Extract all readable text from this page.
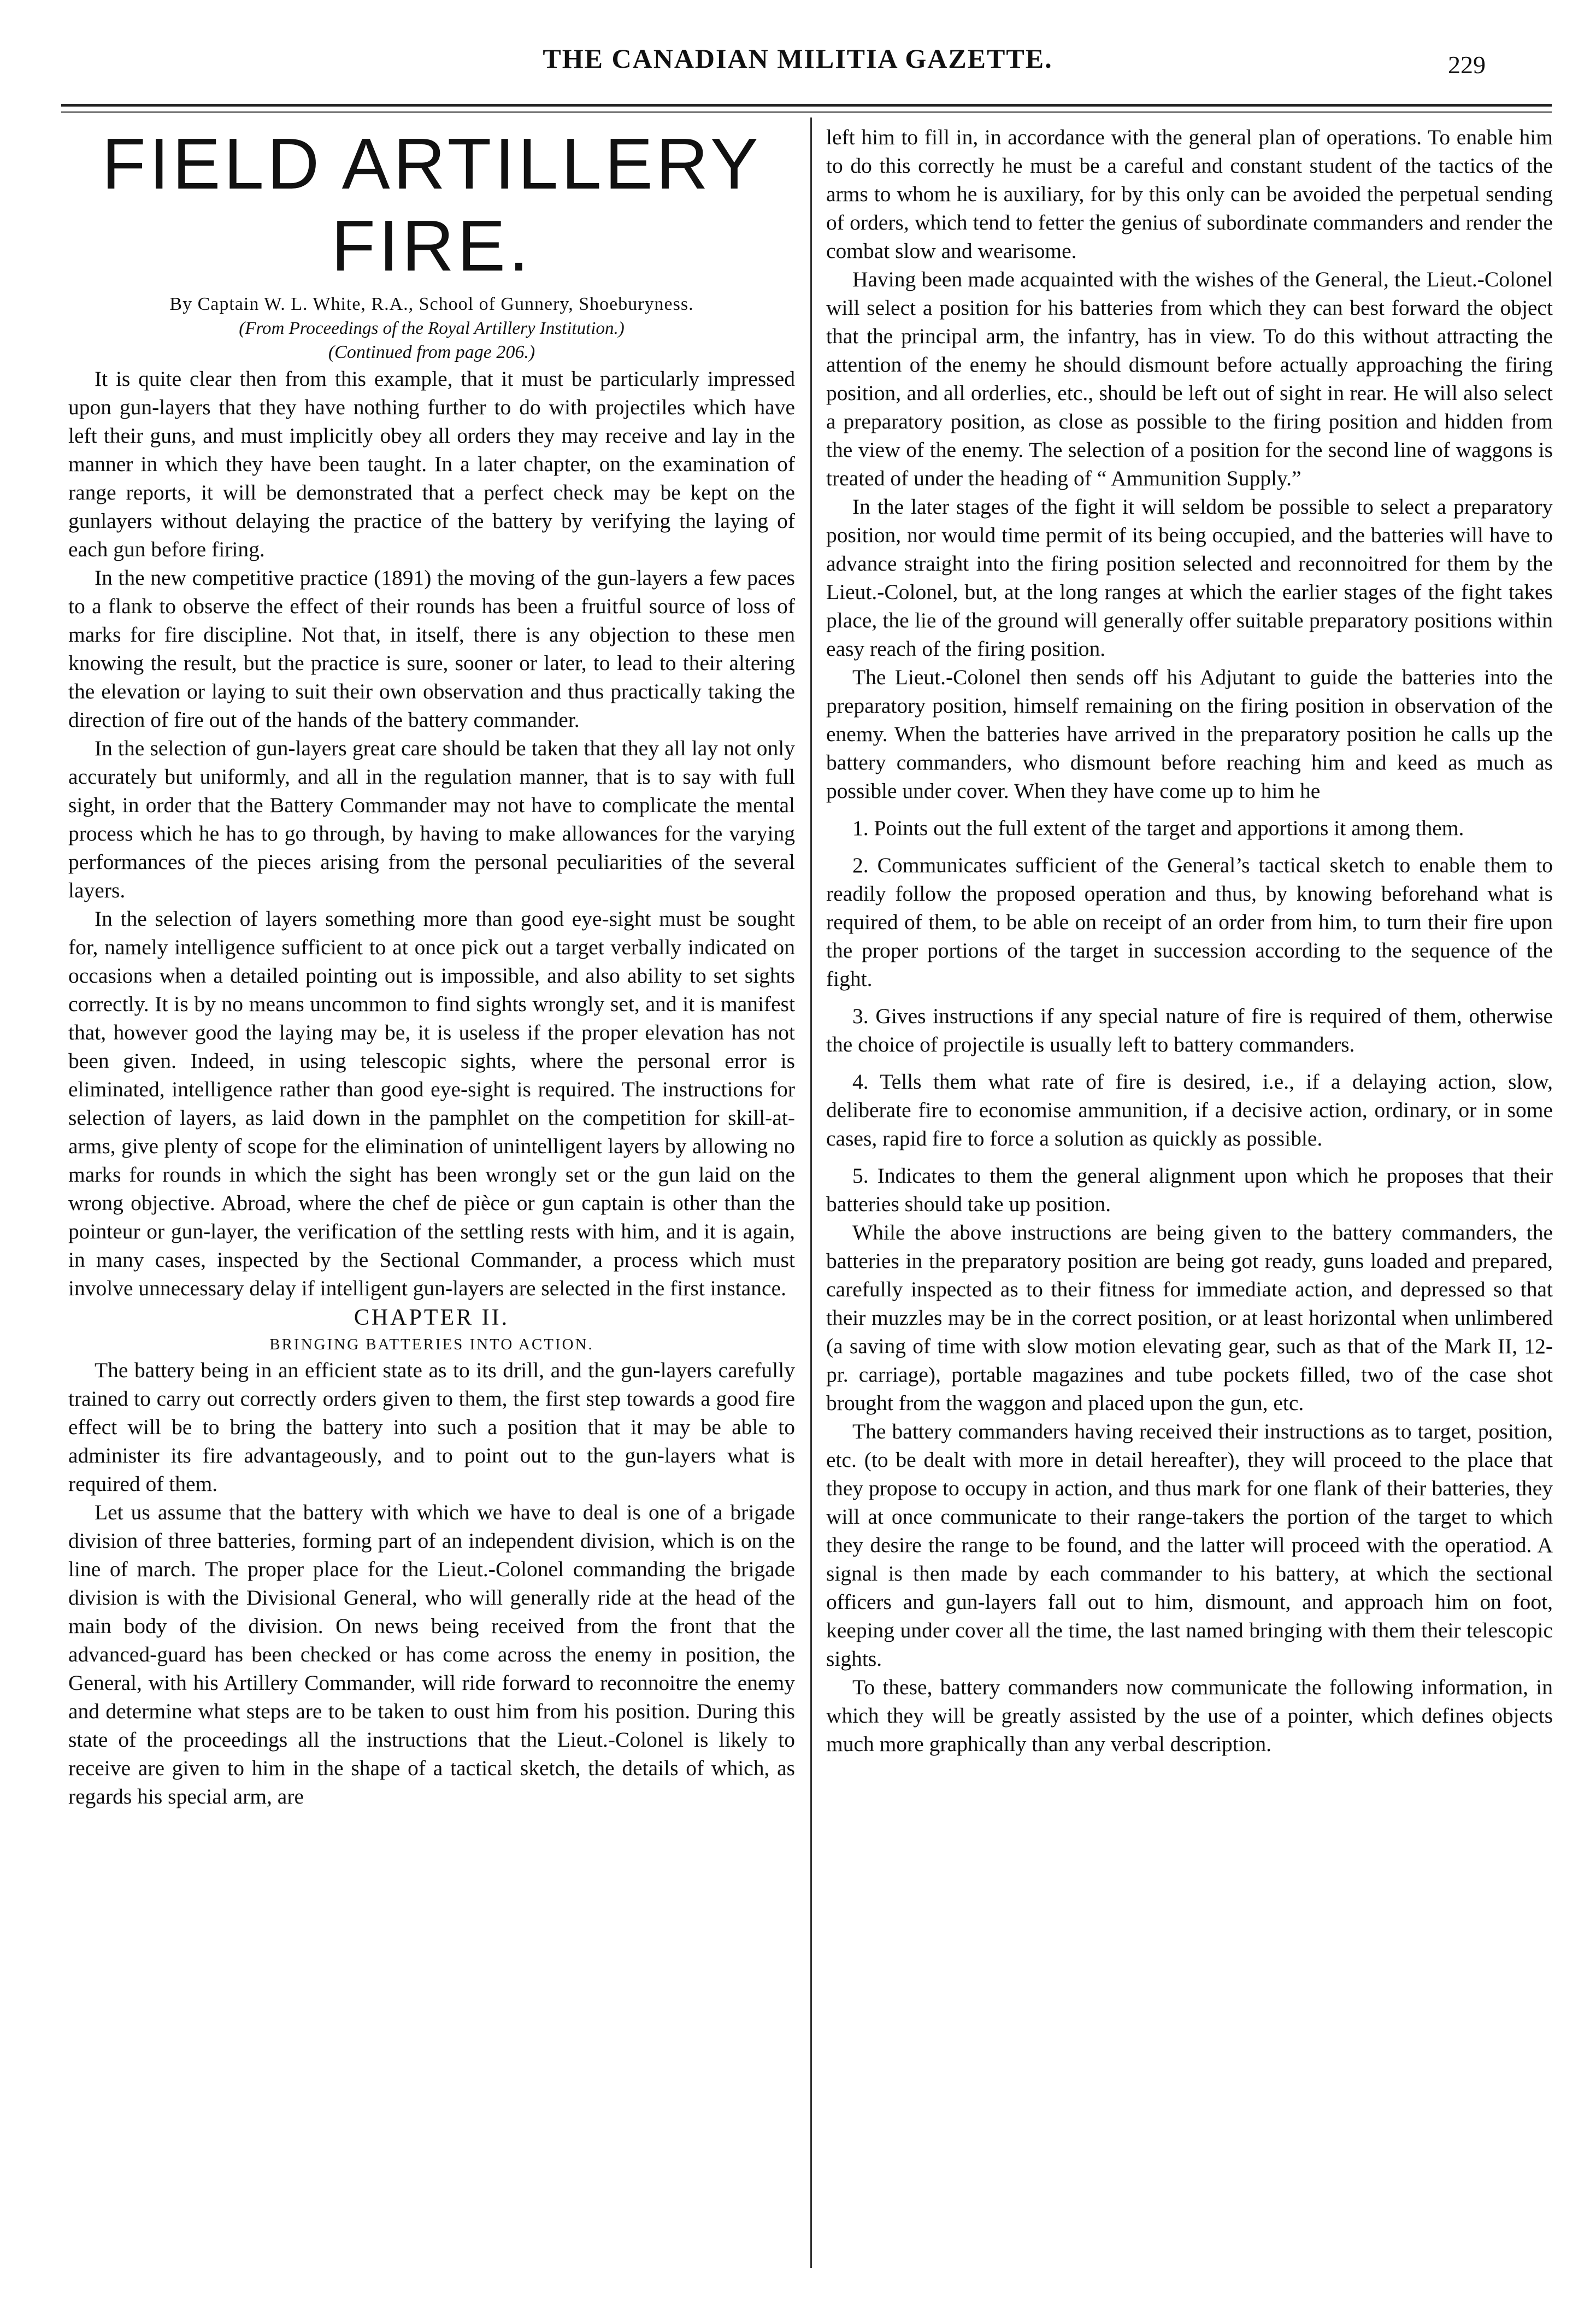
THE CANADIAN MILITIA GAZETTE.	229
FIELD ARTILLERY FIRE.

By Captain W. L. White, R.A., School of Gunnery, Shoeburyness.

(From Proceedings of the Royal Artillery Institution.)

(Continued from page 206.)

It is quite clear then from this example, that it must be particularly impressed upon gun-layers that they have nothing further to do with projectiles which have left their guns, and must implicitly obey all orders they may receive and lay in the manner in which they have been taught. In a later chapter, on the examination of range reports, it will be demonstrated that a perfect check may be kept on the gunlayers without delaying the practice of the battery by verifying the laying of each gun before firing.

In the new competitive practice (1891) the moving of the gun-layers a few paces to a flank to observe the effect of their rounds has been a fruitful source of loss of marks for fire discipline. Not that, in itself, there is any objection to these men knowing the result, but the practice is sure, sooner or later, to lead to their altering the elevation or laying to suit their own observation and thus practically taking the direction of fire out of the hands of the battery commander.

In the selection of gun-layers great care should be taken that they all lay not only accurately but uniformly, and all in the regulation manner, that is to say with full sight, in order that the Battery Commander may not have to complicate the mental process which he has to go through, by having to make allowances for the varying performances of the pieces arising from the personal peculiarities of the several layers.

In the selection of layers something more than good eye-sight must be sought for, namely intelligence sufficient to at once pick out a target verbally indicated on occasions when a detailed pointing out is impossible, and also ability to set sights correctly. It is by no means uncommon to find sights wrongly set, and it is manifest that, however good the laying may be, it is useless if the proper elevation has not been given. Indeed, in using telescopic sights, where the personal error is eliminated, intelligence rather than good eye-sight is required. The instructions for selection of layers, as laid down in the pamphlet on the competition for skill-at-arms, give plenty of scope for the elimination of unintelligent layers by allowing no marks for rounds in which the sight has been wrongly set or the gun laid on the wrong objective. Abroad, where the chef de pièce or gun captain is other than the pointeur or gun-layer, the verification of the settling rests with him, and it is again, in many cases, inspected by the Sectional Commander, a process which must involve unnecessary delay if intelligent gun-layers are selected in the first instance.

CHAPTER II.

BRINGING BATTERIES INTO ACTION.

The battery being in an efficient state as to its drill, and the gun-layers carefully trained to carry out correctly orders given to them, the first step towards a good fire effect will be to bring the battery into such a position that it may be able to administer its fire advantageously, and to point out to the gun-layers what is required of them.

Let us assume that the battery with which we have to deal is one of a brigade division of three batteries, forming part of an independent division, which is on the line of march. The proper place for the Lieut.-Colonel commanding the brigade division is with the Divisional General, who will generally ride at the head of the main body of the division. On news being received from the front that the advanced-guard has been checked or has come across the enemy in position, the General, with his Artillery Commander, will ride forward to reconnoitre the enemy and determine what steps are to be taken to oust him from his position. During this state of the proceedings all the instructions that the Lieut.-Colonel is likely to receive are given to him in the shape of a tactical sketch, the details of which, as regards his special arm, are

left him to fill in, in accordance with the general plan of operations. To enable him to do this correctly he must be a careful and constant student of the tactics of the arms to whom he is auxiliary, for by this only can be avoided the perpetual sending of orders, which tend to fetter the genius of subordinate commanders and render the combat slow and wearisome.

Having been made acquainted with the wishes of the General, the Lieut.-Colonel will select a position for his batteries from which they can best forward the object that the principal arm, the infantry, has in view. To do this without attracting the attention of the enemy he should dismount before actually approaching the firing position, and all orderlies, etc., should be left out of sight in rear. He will also select a preparatory position, as close as possible to the firing position and hidden from the view of the enemy. The selection of a position for the second line of waggons is treated of under the heading of “ Ammunition Supply.”

In the later stages of the fight it will seldom be possible to select a preparatory position, nor would time permit of its being occupied, and the batteries will have to advance straight into the firing position selected and reconnoitred for them by the Lieut.-Colonel, but, at the long ranges at which the earlier stages of the fight takes place, the lie of the ground will generally offer suitable preparatory positions within easy reach of the firing position.

The Lieut.-Colonel then sends off his Adjutant to guide the batteries into the preparatory position, himself remaining on the firing position in observation of the enemy. When the batteries have arrived in the preparatory position he calls up the battery commanders, who dismount before reaching him and keed as much as possible under cover. When they have come up to him he

1. Points out the full extent of the target and apportions it among them.

2. Communicates sufficient of the General’s tactical sketch to enable them to readily follow the proposed operation and thus, by knowing beforehand what is required of them, to be able on receipt of an order from him, to turn their fire upon the proper portions of the target in succession according to the sequence of the fight.

3. Gives instructions if any special nature of fire is required of them, otherwise the choice of projectile is usually left to battery commanders.

4. Tells them what rate of fire is desired, i.e., if a delaying action, slow, deliberate fire to economise ammunition, if a decisive action, ordinary, or in some cases, rapid fire to force a solution as quickly as possible.

5. Indicates to them the general alignment upon which he proposes that their batteries should take up position.

While the above instructions are being given to the battery commanders, the batteries in the preparatory position are being got ready, guns loaded and prepared, carefully inspected as to their fitness for immediate action, and depressed so that their muzzles may be in the correct position, or at least horizontal when unlimbered (a saving of time with slow motion elevating gear, such as that of the Mark II, 12-pr. carriage), portable magazines and tube pockets filled, two of the case shot brought from the waggon and placed upon the gun, etc.

The battery commanders having received their instructions as to target, position, etc. (to be dealt with more in detail hereafter), they will proceed to the place that they propose to occupy in action, and thus mark for one flank of their batteries, they will at once communicate to their range-takers the portion of the target to which they desire the range to be found, and the latter will proceed with the operatiod. A signal is then made by each commander to his battery, at which the sectional officers and gun-layers fall out to him, dismount, and approach him on foot, keeping under cover all the time, the last named bringing with them their telescopic sights.

To these, battery commanders now communicate the following information, in which they will be greatly assisted by the use of a pointer, which defines objects much more graphically than any verbal description.
